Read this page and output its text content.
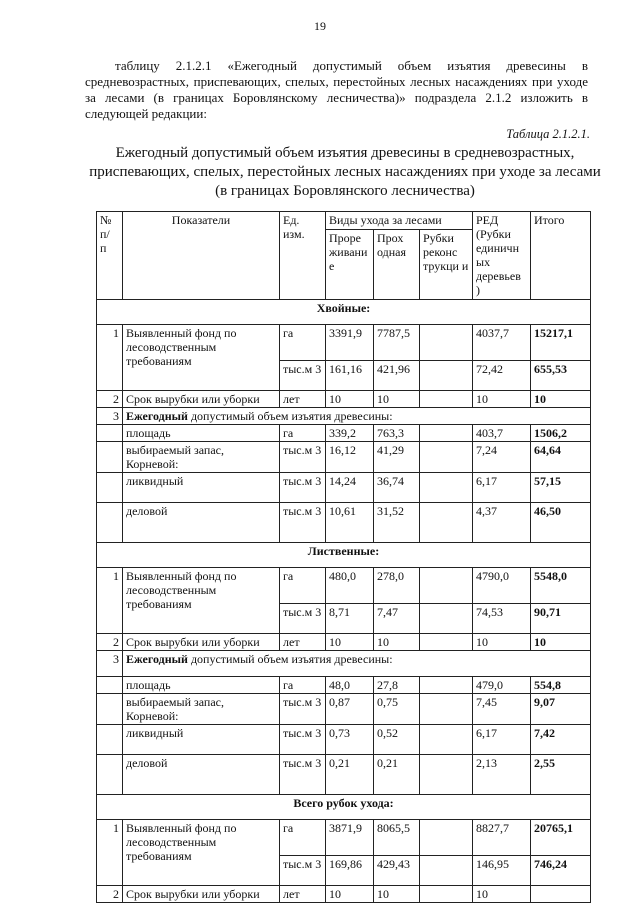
19
таблицу 2.1.2.1 «Ежегодный допустимый объем изъятия древесины в средневозрастных, приспевающих, спелых, перестойных лесных насаждениях при уходе за лесами (в границах Боровлянскому лесничества)» подраздела 2.1.2 изложить в следующей редакции:
Таблица 2.1.2.1.
Ежегодный допустимый объем изъятия древесины в средневозрастных, приспевающих, спелых, перестойных лесных насаждениях при уходе за лесами (в границах Боровлянского лесничества)
№ п/ п	Показатели	Ед. изм.	Виды ухода за лесами			РЕД (Рубки единичн ых деревьев )	Итого
			Проре живани е	Прох одная	Рубки реконс трукци и		
Хвойные:							
1	Выявленный фонд по лесоводственным требованиям	га	3391,9	7787,5		4037,7	15217,1
		тыс.м 3	161,16	421,96		72,42	655,53
2	Срок вырубки или уборки	лет	10	10		10	10
3	Ежегодный допустимый объем изъятия древесины:						
	площадь	га	339,2	763,3		403,7	1506,2
	выбираемый запас, Корневой:	тыс.м 3	16,12	41,29		7,24	64,64
	ликвидный	тыс.м 3	14,24	36,74		6,17	57,15
	деловой	тыс.м 3	10,61	31,52		4,37	46,50
Лиственные:							
1	Выявленный фонд по лесоводственным требованиям	га	480,0	278,0		4790,0	5548,0
		тыс.м 3	8,71	7,47		74,53	90,71
2	Срок вырубки или уборки	лет	10	10		10	10
3	Ежегодный допустимый объем изъятия древесины:						
	площадь	га	48,0	27,8		479,0	554,8
	выбираемый запас, Корневой:	тыс.м 3	0,87	0,75		7,45	9,07
	ликвидный	тыс.м 3	0,73	0,52		6,17	7,42
	деловой	тыс.м 3	0,21	0,21		2,13	2,55
Всего рубок ухода:							
1	Выявленный фонд по лесоводственным требованиям	га	3871,9	8065,5		8827,7	20765,1
		тыс.м 3	169,86	429,43		146,95	746,24
2	Срок вырубки или уборки	лет	10	10		10	
